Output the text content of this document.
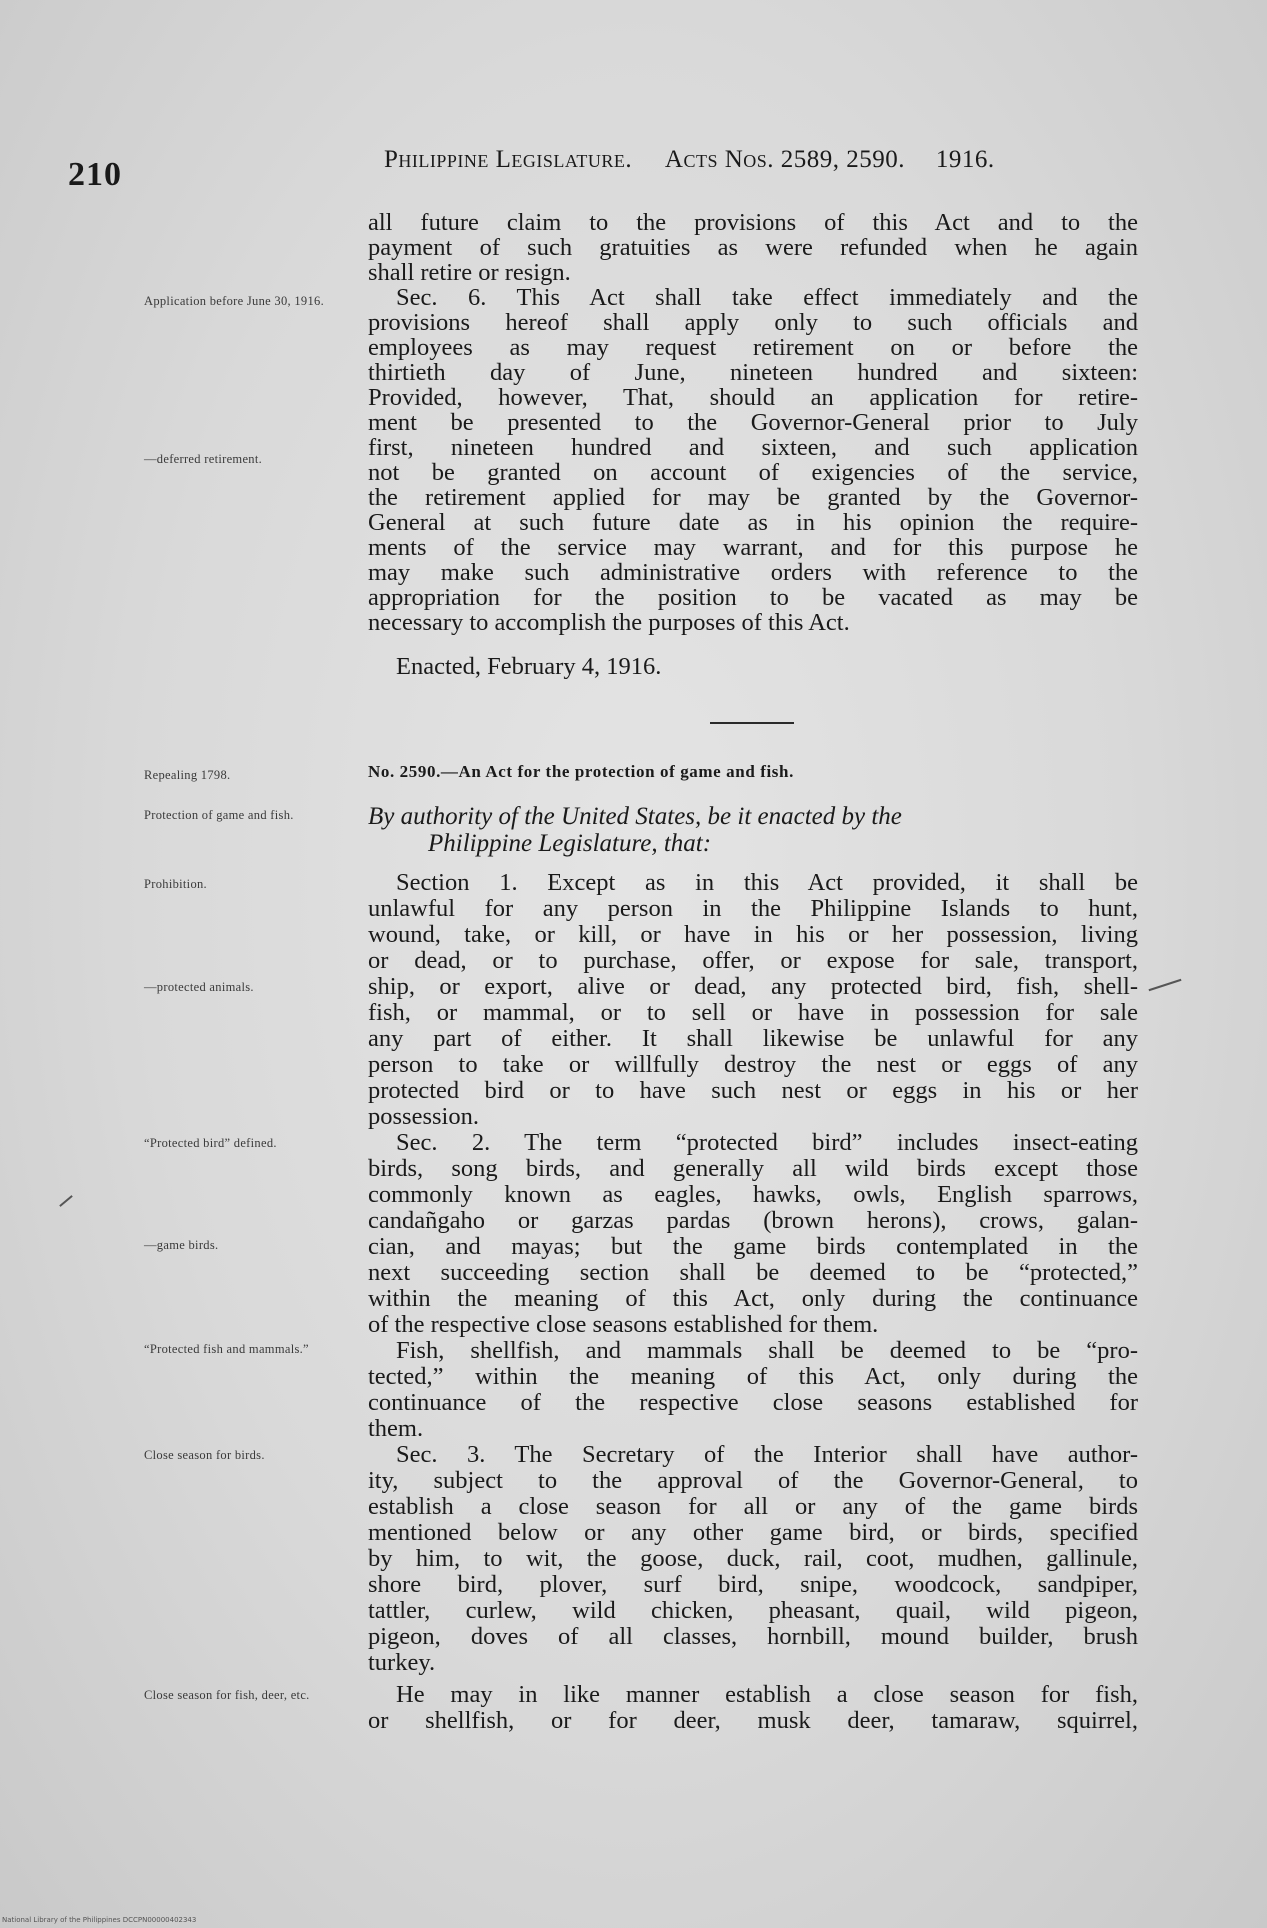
210	Philippine Legislature. Acts Nos. 2589, 2590. 1916.
Application before June 30, 1916.
—deferred retirement.
Repealing 1798.
Protection of game and fish.
Prohibition.
—protected animals.
“Protected bird” defined.
—game birds.
“Protected fish and mammals.”
Close season for birds.
Close season for fish, deer, etc.
all future claim to the provisions of this Act and to the
payment of such gratuities as were refunded when he again
shall retire or resign.
Sec. 6. This Act shall take effect immediately and the
provisions hereof shall apply only to such officials and
employees as may request retirement on or before the
thirtieth day of June, nineteen hundred and sixteen:
Provided, however, That, should an application for retire-
ment be presented to the Governor-General prior to July
first, nineteen hundred and sixteen, and such application
not be granted on account of exigencies of the service,
the retirement applied for may be granted by the Governor-
General at such future date as in his opinion the require-
ments of the service may warrant, and for this purpose he
may make such administrative orders with reference to the
appropriation for the position to be vacated as may be
necessary to accomplish the purposes of this Act.
Enacted, February 4, 1916.
No. 2590.—An Act for the protection of game and fish.
By authority of the United States, be it enacted by the
Philippine Legislature, that:
Section 1. Except as in this Act provided, it shall be
unlawful for any person in the Philippine Islands to hunt,
wound, take, or kill, or have in his or her possession, living
or dead, or to purchase, offer, or expose for sale, transport,
ship, or export, alive or dead, any protected bird, fish, shell-
fish, or mammal, or to sell or have in possession for sale
any part of either. It shall likewise be unlawful for any
person to take or willfully destroy the nest or eggs of any
protected bird or to have such nest or eggs in his or her
possession.
Sec. 2. The term “protected bird” includes insect-eating
birds, song birds, and generally all wild birds except those
commonly known as eagles, hawks, owls, English sparrows,
candañgaho or garzas pardas (brown herons), crows, galan-
cian, and mayas; but the game birds contemplated in the
next succeeding section shall be deemed to be “protected,”
within the meaning of this Act, only during the continuance
of the respective close seasons established for them.
Fish, shellfish, and mammals shall be deemed to be “pro-
tected,” within the meaning of this Act, only during the
continuance of the respective close seasons established for
them.
Sec. 3. The Secretary of the Interior shall have author-
ity, subject to the approval of the Governor-General, to
establish a close season for all or any of the game birds
mentioned below or any other game bird, or birds, specified
by him, to wit, the goose, duck, rail, coot, mudhen, gallinule,
shore bird, plover, surf bird, snipe, woodcock, sandpiper,
tattler, curlew, wild chicken, pheasant, quail, wild pigeon,
pigeon, doves of all classes, hornbill, mound builder, brush
turkey.
He may in like manner establish a close season for fish,
or shellfish, or for deer, musk deer, tamaraw, squirrel,
National Library of the Philippines DCCPN00000402343
